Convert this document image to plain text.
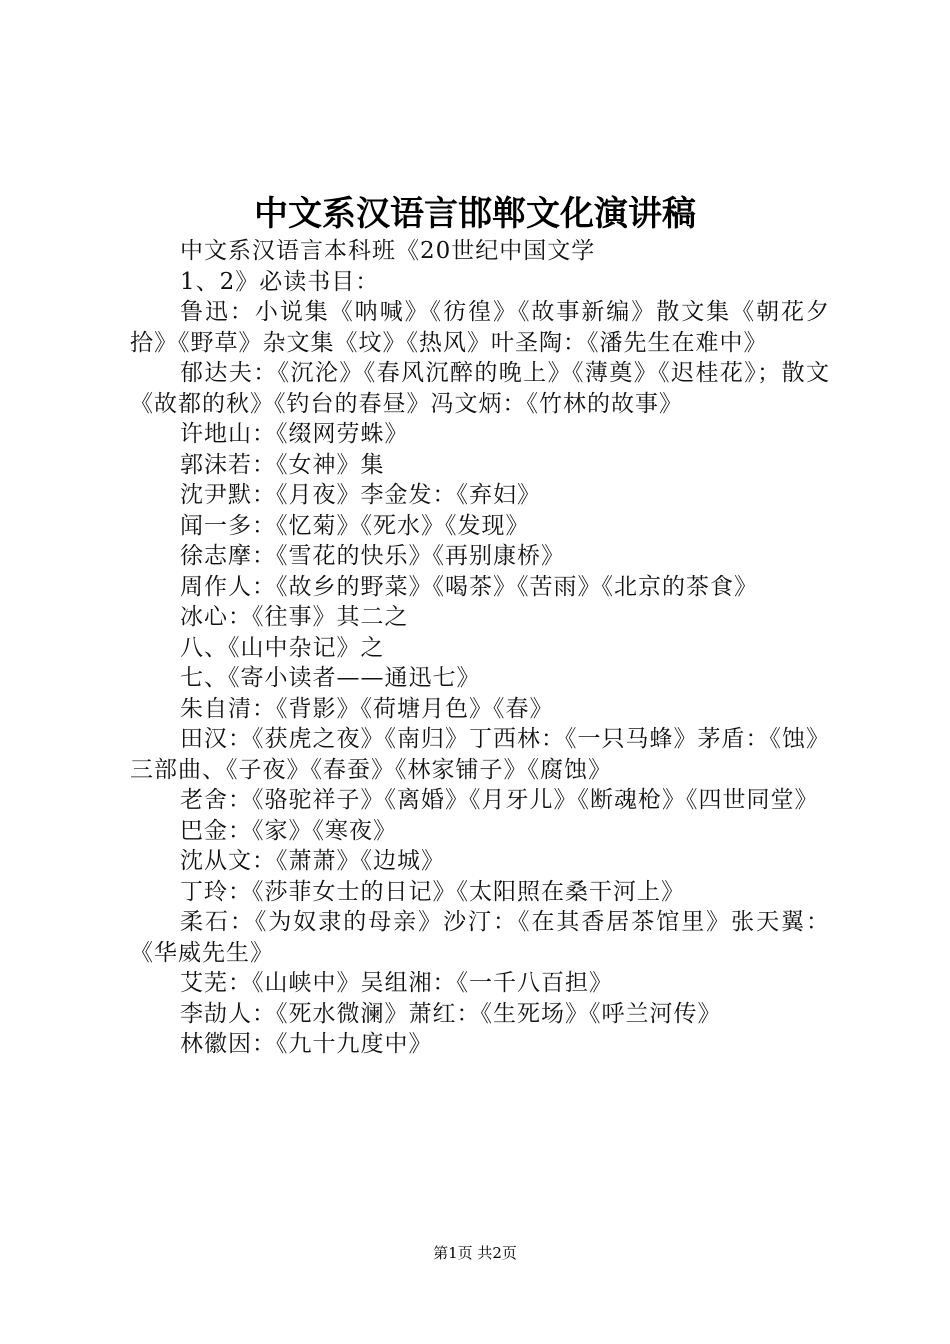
中文系汉语言邯郸文化演讲稿

中文系汉语言本科班《20世纪中国文学

1、2》必读书目：

鲁迅：小说集《呐喊》《彷徨》《故事新编》散文集《朝花夕拾》《野草》杂文集《坟》《热风》叶圣陶：《潘先生在难中》

郁达夫：《沉沦》《春风沉醉的晚上》《薄奠》《迟桂花》；散文《故都的秋》《钓台的春昼》冯文炳：《竹林的故事》

许地山：《缀网劳蛛》

郭沫若：《女神》集

沈尹默：《月夜》李金发：《弃妇》

闻一多：《忆菊》《死水》《发现》

徐志摩：《雪花的快乐》《再别康桥》

周作人：《故乡的野菜》《喝茶》《苦雨》《北京的茶食》

冰心：《往事》其二之

八、《山中杂记》之

七、《寄小读者——通迅七》

朱自清：《背影》《荷塘月色》《春》

田汉：《获虎之夜》《南归》丁西林：《一只马蜂》茅盾：《蚀》三部曲、《子夜》《春蚕》《林家铺子》《腐蚀》

老舍：《骆驼祥子》《离婚》《月牙儿》《断魂枪》《四世同堂》

巴金：《家》《寒夜》

沈从文：《萧萧》《边城》

丁玲：《莎菲女士的日记》《太阳照在桑干河上》

柔石：《为奴隶的母亲》沙汀：《在其香居茶馆里》张天翼：《华威先生》

艾芜：《山峡中》吴组湘：《一千八百担》

李劼人：《死水微澜》萧红：《生死场》《呼兰河传》

林徽因：《九十九度中》

第1页 共2页
